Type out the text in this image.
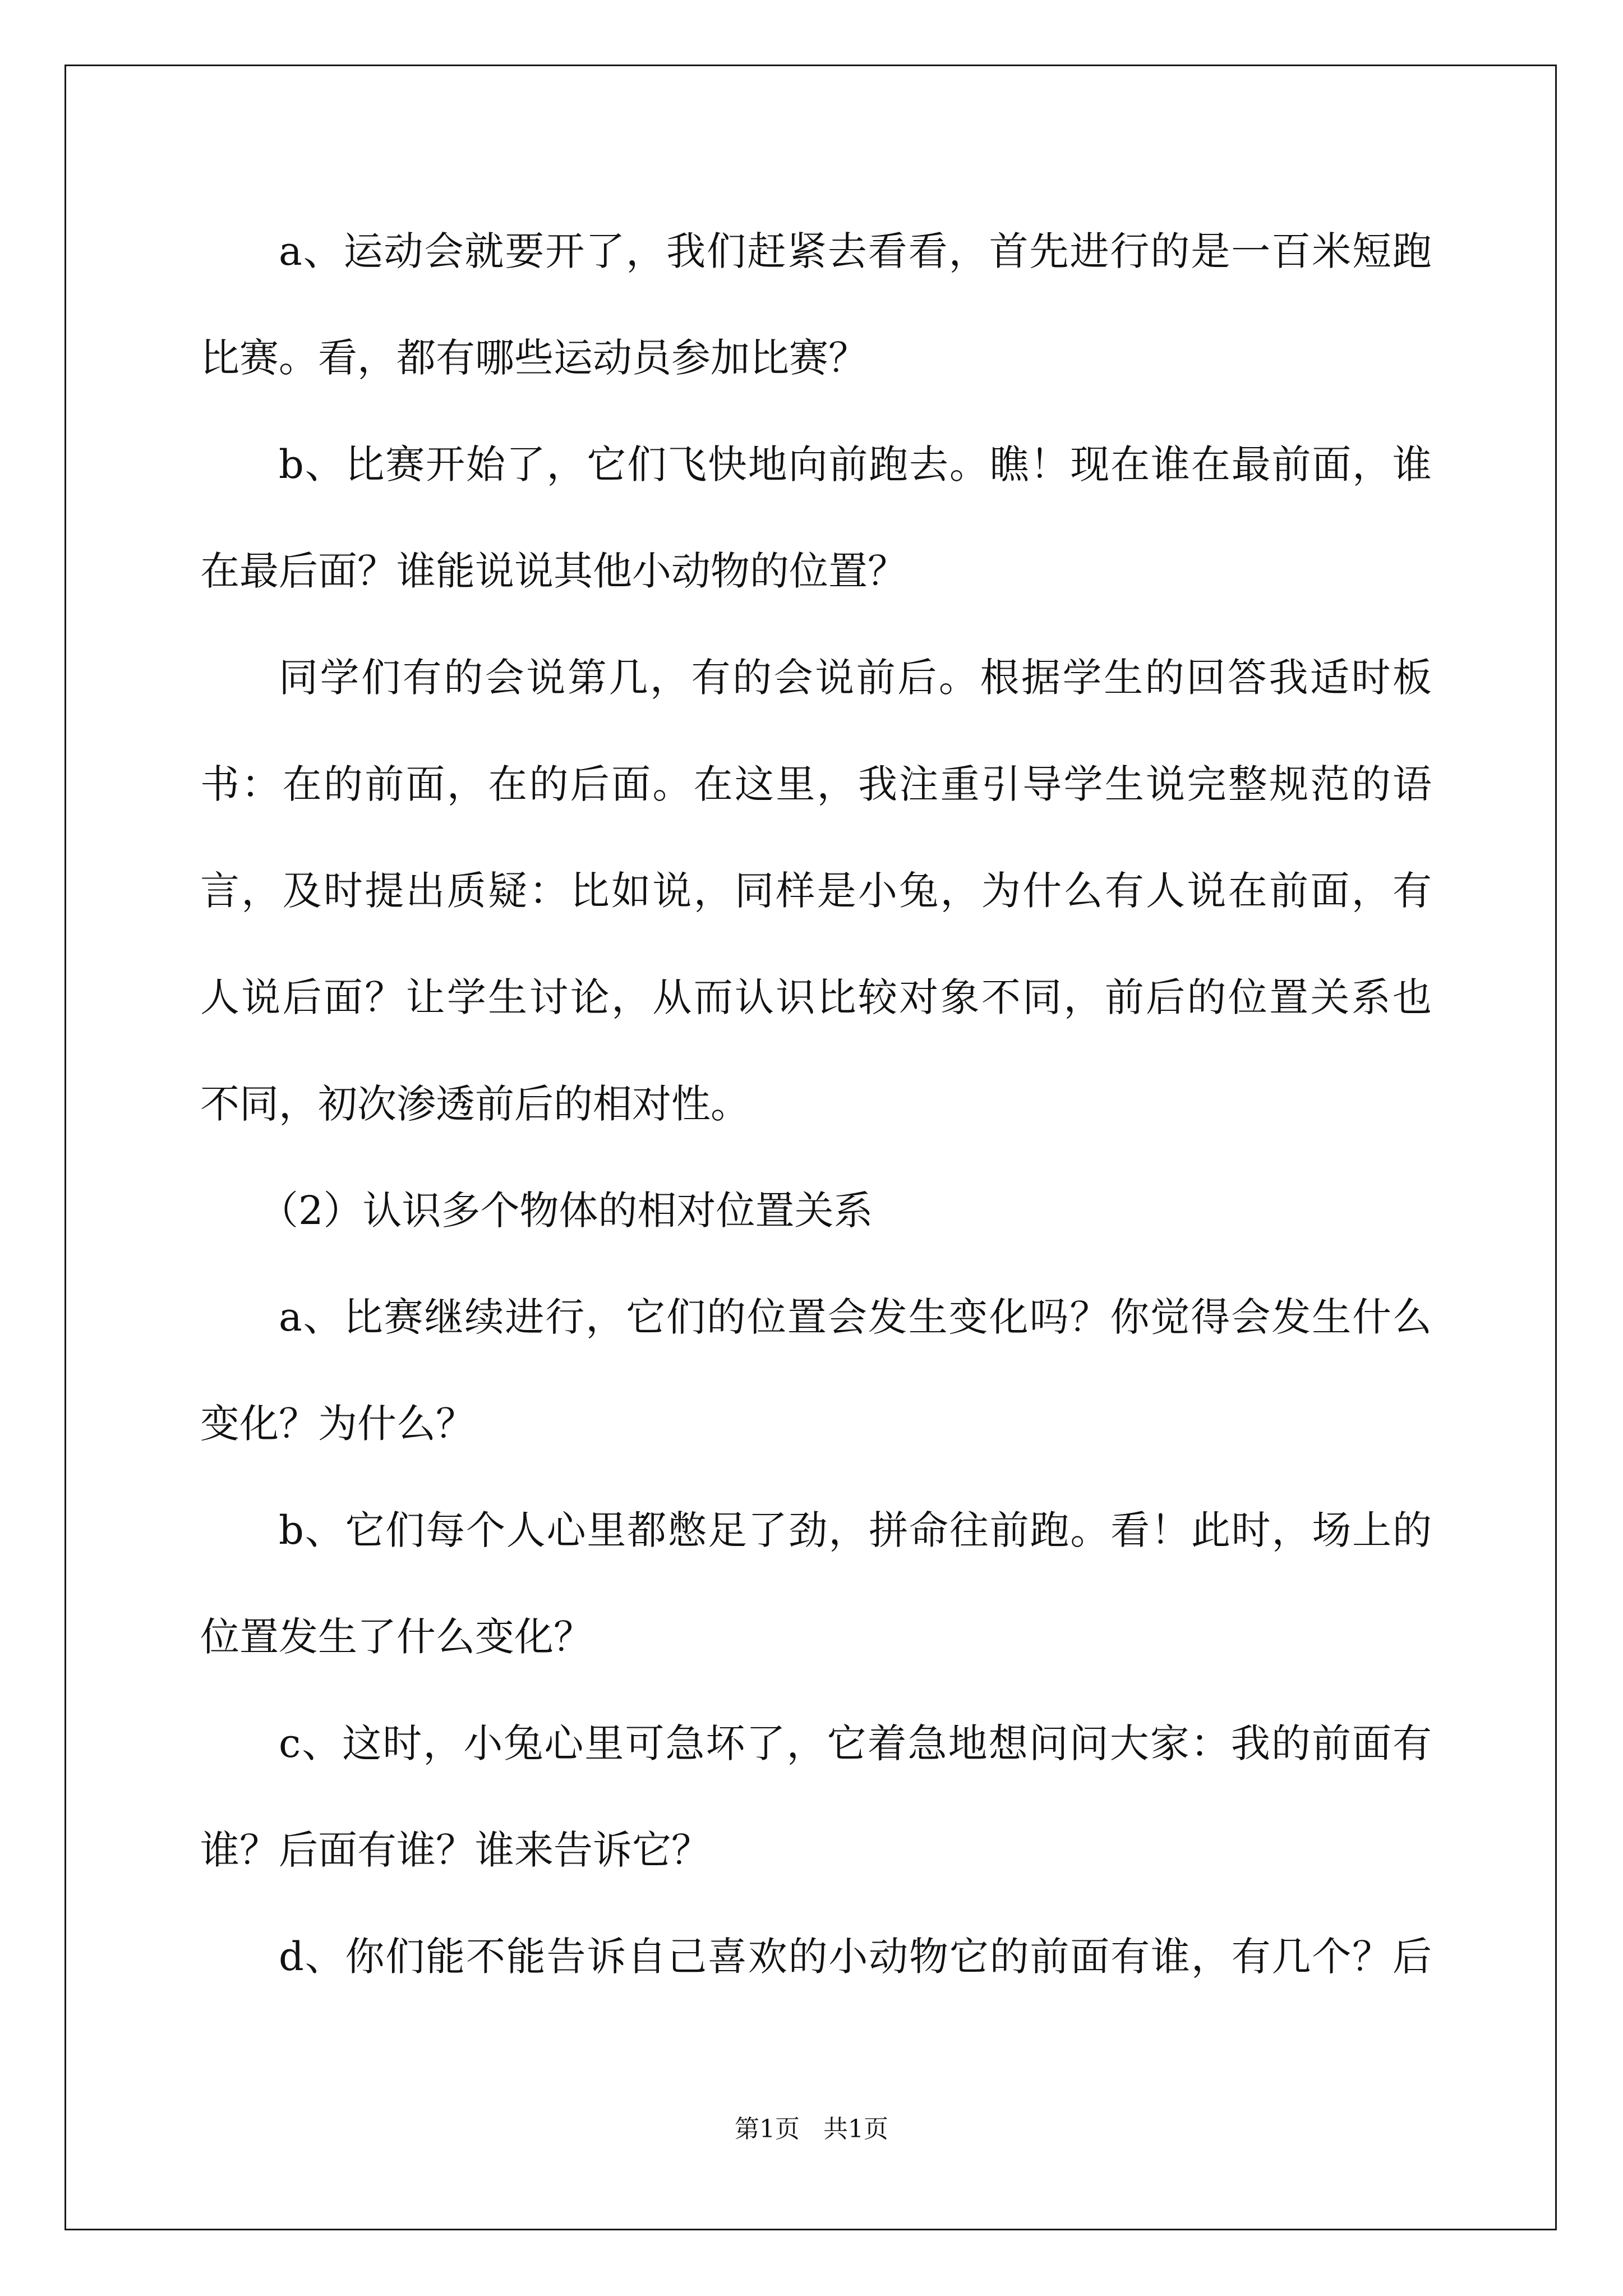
a、运动会就要开了，我们赶紧去看看，首先进行的是一百米短跑
比赛。看，都有哪些运动员参加比赛？
b、比赛开始了，它们飞快地向前跑去。瞧！现在谁在最前面，谁
在最后面？谁能说说其他小动物的位置？
同学们有的会说第几，有的会说前后。根据学生的回答我适时板
书：在的前面，在的后面。在这里，我注重引导学生说完整规范的语
言，及时提出质疑：比如说，同样是小兔，为什么有人说在前面，有
人说后面？让学生讨论，从而认识比较对象不同，前后的位置关系也
不同，初次渗透前后的相对性。
（2）认识多个物体的相对位置关系
a、比赛继续进行，它们的位置会发生变化吗？你觉得会发生什么
变化？为什么？
b、它们每个人心里都憋足了劲，拼命往前跑。看！此时，场上的
位置发生了什么变化？
c、这时，小兔心里可急坏了，它着急地想问问大家：我的前面有
谁？后面有谁？谁来告诉它？
d、你们能不能告诉自己喜欢的小动物它的前面有谁，有几个？后
第1页 共1页
